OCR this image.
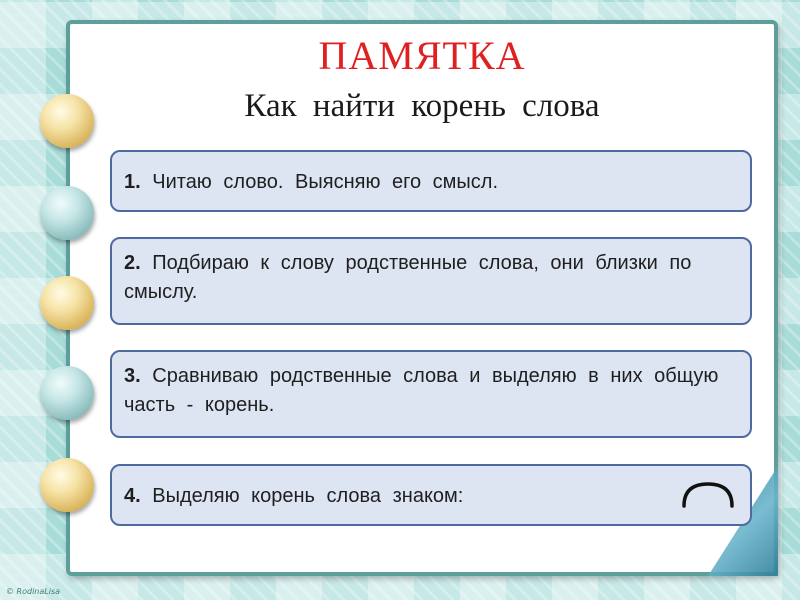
ПАМЯТКА
Как найти корень слова
1. Читаю слово. Выясняю его смысл.
2. Подбираю к слову родственные слова, они близки по смыслу.
3. Сравниваю родственные слова и выделяю в них общую часть - корень.
4. Выделяю корень слова знаком:
© RodinaLisa
